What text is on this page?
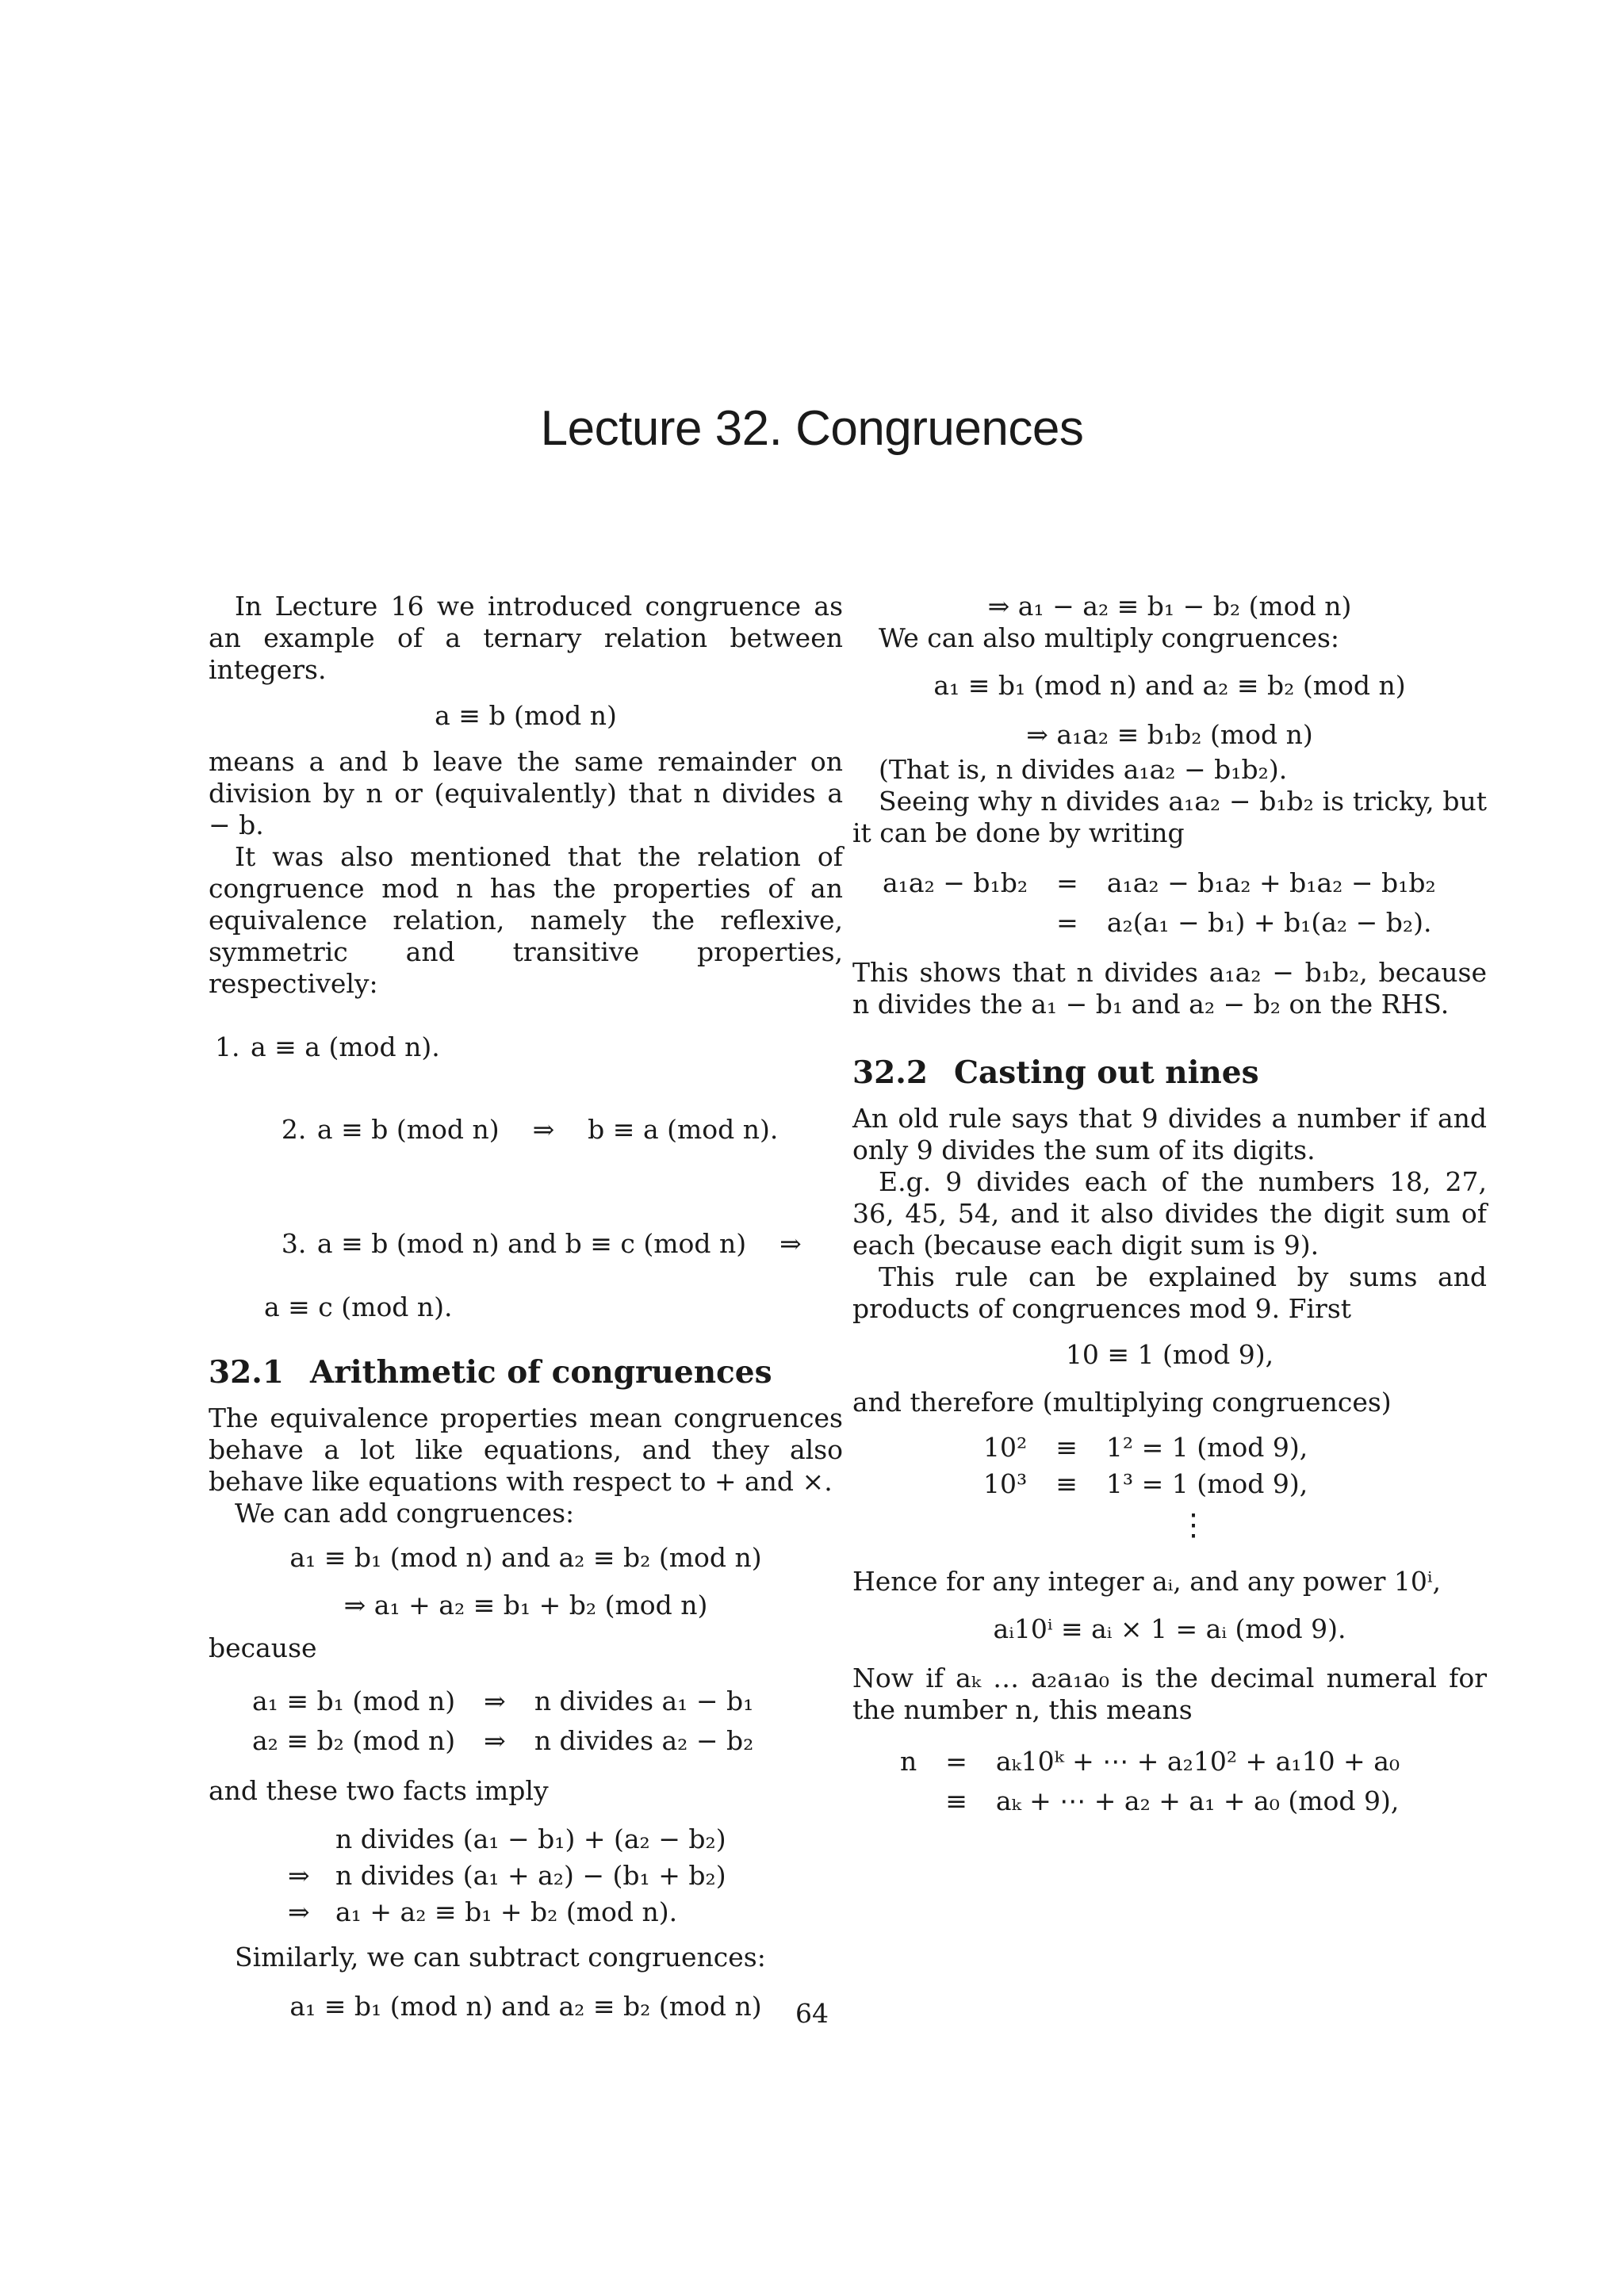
Lecture 32. Congruences

In Lecture 16 we introduced congruence as an example of a ternary relation between integers.

a ≡ b (mod n)

means a and b leave the same remainder on division by n or (equivalently) that n divides a − b.

It was also mentioned that the relation of congruence mod n has the properties of an equivalence relation, namely the reflexive, symmetric and transitive properties, respectively:

1. a ≡ a (mod n).

2. a ≡ b (mod n)    ⇒    b ≡ a (mod n).

3. a ≡ b (mod n) and b ≡ c (mod n)    ⇒

a ≡ c (mod n).
32.1 Arithmetic of congruences

The equivalence properties mean congruences behave a lot like equations, and they also behave like equations with respect to + and ×.

We can add congruences:

a₁ ≡ b₁ (mod n) and a₂ ≡ b₂ (mod n)
⇒ a₁ + a₂ ≡ b₁ + b₂ (mod n)

because

a₁ ≡ b₁ (mod n)	⇒	n divides a₁ − b₁
a₂ ≡ b₂ (mod n)	⇒	n divides a₂ − b₂

and these two facts imply

	n divides (a₁ − b₁) + (a₂ − b₂)
⇒	n divides (a₁ + a₂) − (b₁ + b₂)
⇒	a₁ + a₂ ≡ b₁ + b₂ (mod n).

Similarly, we can subtract congruences:

a₁ ≡ b₁ (mod n) and a₂ ≡ b₂ (mod n)
⇒ a₁ − a₂ ≡ b₁ − b₂ (mod n)

We can also multiply congruences:

a₁ ≡ b₁ (mod n) and a₂ ≡ b₂ (mod n)
⇒ a₁a₂ ≡ b₁b₂ (mod n)

(That is, n divides a₁a₂ − b₁b₂).

Seeing why n divides a₁a₂ − b₁b₂ is tricky, but it can be done by writing

a₁a₂ − b₁b₂	=	a₁a₂ − b₁a₂ + b₁a₂ − b₁b₂
	=	a₂(a₁ − b₁) + b₁(a₂ − b₂).

This shows that n divides a₁a₂ − b₁b₂, because n divides the a₁ − b₁ and a₂ − b₂ on the RHS.

32.2 Casting out nines

An old rule says that 9 divides a number if and only 9 divides the sum of its digits.

E.g. 9 divides each of the numbers 18, 27, 36, 45, 54, and it also divides the digit sum of each (because each digit sum is 9).

This rule can be explained by sums and products of congruences mod 9. First

10 ≡ 1 (mod 9),

and therefore (multiplying congruences)

10²	≡	1² = 1 (mod 9),
10³	≡	1³ = 1 (mod 9),
⋮

Hence for any integer aᵢ, and any power 10ⁱ,

aᵢ10ⁱ ≡ aᵢ × 1 = aᵢ (mod 9).

Now if aₖ … a₂a₁a₀ is the decimal numeral for the number n, this means

n	=	aₖ10ᵏ + ⋯ + a₂10² + a₁10 + a₀
	≡	aₖ + ⋯ + a₂ + a₁ + a₀ (mod 9),
64
